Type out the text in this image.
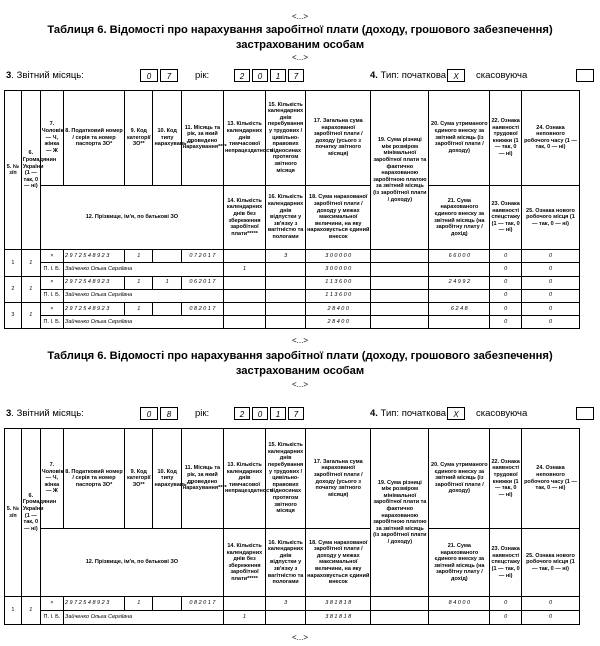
<...>
Таблиця 6. Відомості про нарахування заробітної плати (доходу, грошового забезпечення) застрахованим особам
<...>
3. Звітний місяць:	0	7	рік:	2	0	1	7	4. Тип: початкова X	скасовуюча
5. № з/п	6. Громадянин України (1 — так, 0 — ні)	7. Чоловік — Ч, жінка — Ж	8. Податковий номер / серія та номер паспорта ЗО*	9. Код категорії ЗО**	10. Код типу нарахувань***	11. Місяць та рік, за який проведено нарахування****	13. Кількість календарних днів тимчасової непрацездатності	15. Кількість календарних днів перебування у трудових / цивільно-правових відносинах протягом звітного місяця	17. Загальна сума нарахованої заробітної плати / доходу (усього з початку звітного місяця)	19. Сума різниці між розміром мінімальної заробітної плати та фактично нарахованою заробітною платою за звітний місяць (із заробітної плати / доходу)	20. Сума утриманого єдиного внеску за звітний місяць (із заробітної плати / доходу)	22. Ознака наявності трудової книжки (1 — так, 0 — ні)	24. Ознака неповного робочого часу (1 — так, 0 — ні)
		12. Прізвище, ім'я, по батькові ЗО					14. Кількість календарних днів без збереження заробітної плати*****	16. Кількість календарних днів відпустки у зв'язку з вагітністю та пологами	18. Сума нарахованої заробітної плати / доходу у межах максимальної величини, на яку нараховується єдиний внесок		21. Сума нарахованого єдиного внеску за звітний місяць (на заробітну плату / дохід)	23. Ознака наявності спецстажу (1 — так, 0 — ні)	25. Ознака нового робочого місця (1 — так, 0 — ні)
1	1	×	2 9 7 2 5 4 8 9 2 3	1		0 7 2 0 1 7		3	3 0 0 0 0 0		6 6 0 0 0	0	0
		П. І. Б.	Зайченко Ольга Сергіївна				1		3 0 0 0 0 0			0	0
2	1	×	2 9 7 2 5 4 8 9 2 3	1	1	0 6 2 0 1 7			1 1 3 6 0 0		2 4 9 9 2	0	0
		П. І. Б.	Зайченко Ольга Сергіївна						1 1 3 6 0 0			0	0
3	1	×	2 9 7 2 5 4 8 9 2 3	1		0 8 2 0 1 7			2 8 4 0 0		6 2 4 8	0	0
		П. І. Б.	Зайченко Ольга Сергіївна						2 8 4 0 0			0	0
<...>
Таблиця 6. Відомості про нарахування заробітної плати (доходу, грошового забезпечення) застрахованим особам
<...>
3. Звітний місяць:	0	8	рік:	2	0	1	7	4. Тип: початкова X	скасовуюча
5. № з/п	6. Громадянин України (1 — так, 0 — ні)	7. Чоловік — Ч, жінка — Ж	8. Податковий номер / серія та номер паспорта ЗО*	9. Код категорії ЗО**	10. Код типу нарахувань***	11. Місяць та рік, за який проведено нарахування****	13. Кількість календарних днів тимчасової непрацездатності	15. Кількість календарних днів перебування у трудових / цивільно-правових відносинах протягом звітного місяця	17. Загальна сума нарахованої заробітної плати / доходу (усього з початку звітного місяця)	19. Сума різниці між розміром мінімальної заробітної плати та фактично нарахованою заробітною платою за звітний місяць (із заробітної плати / доходу)	20. Сума утриманого єдиного внеску за звітний місяць (із заробітної плати / доходу)	22. Ознака наявності трудової книжки (1 — так, 0 — ні)	24. Ознака неповного робочого часу (1 — так, 0 — ні)
		12. Прізвище, ім'я, по батькові ЗО					14. Кількість календарних днів без збереження заробітної плати*****	16. Кількість календарних днів відпустки у зв'язку з вагітністю та пологами	18. Сума нарахованої заробітної плати / доходу у межах максимальної величини, на яку нараховується єдиний внесок		21. Сума нарахованого єдиного внеску за звітний місяць (на заробітну плату / дохід)	23. Ознака наявності спецстажу (1 — так, 0 — ні)	25. Ознака нового робочого місця (1 — так, 0 — ні)
1	1	×	2 9 7 2 5 4 8 9 2 3	1		0 8 2 0 1 7		3	3 8 1 8 1 8		8 4 0 0 0	0	0
		П. І. Б.	Зайченко Ольга Сергіївна				1		3 8 1 8 1 8			0	0
<...>
